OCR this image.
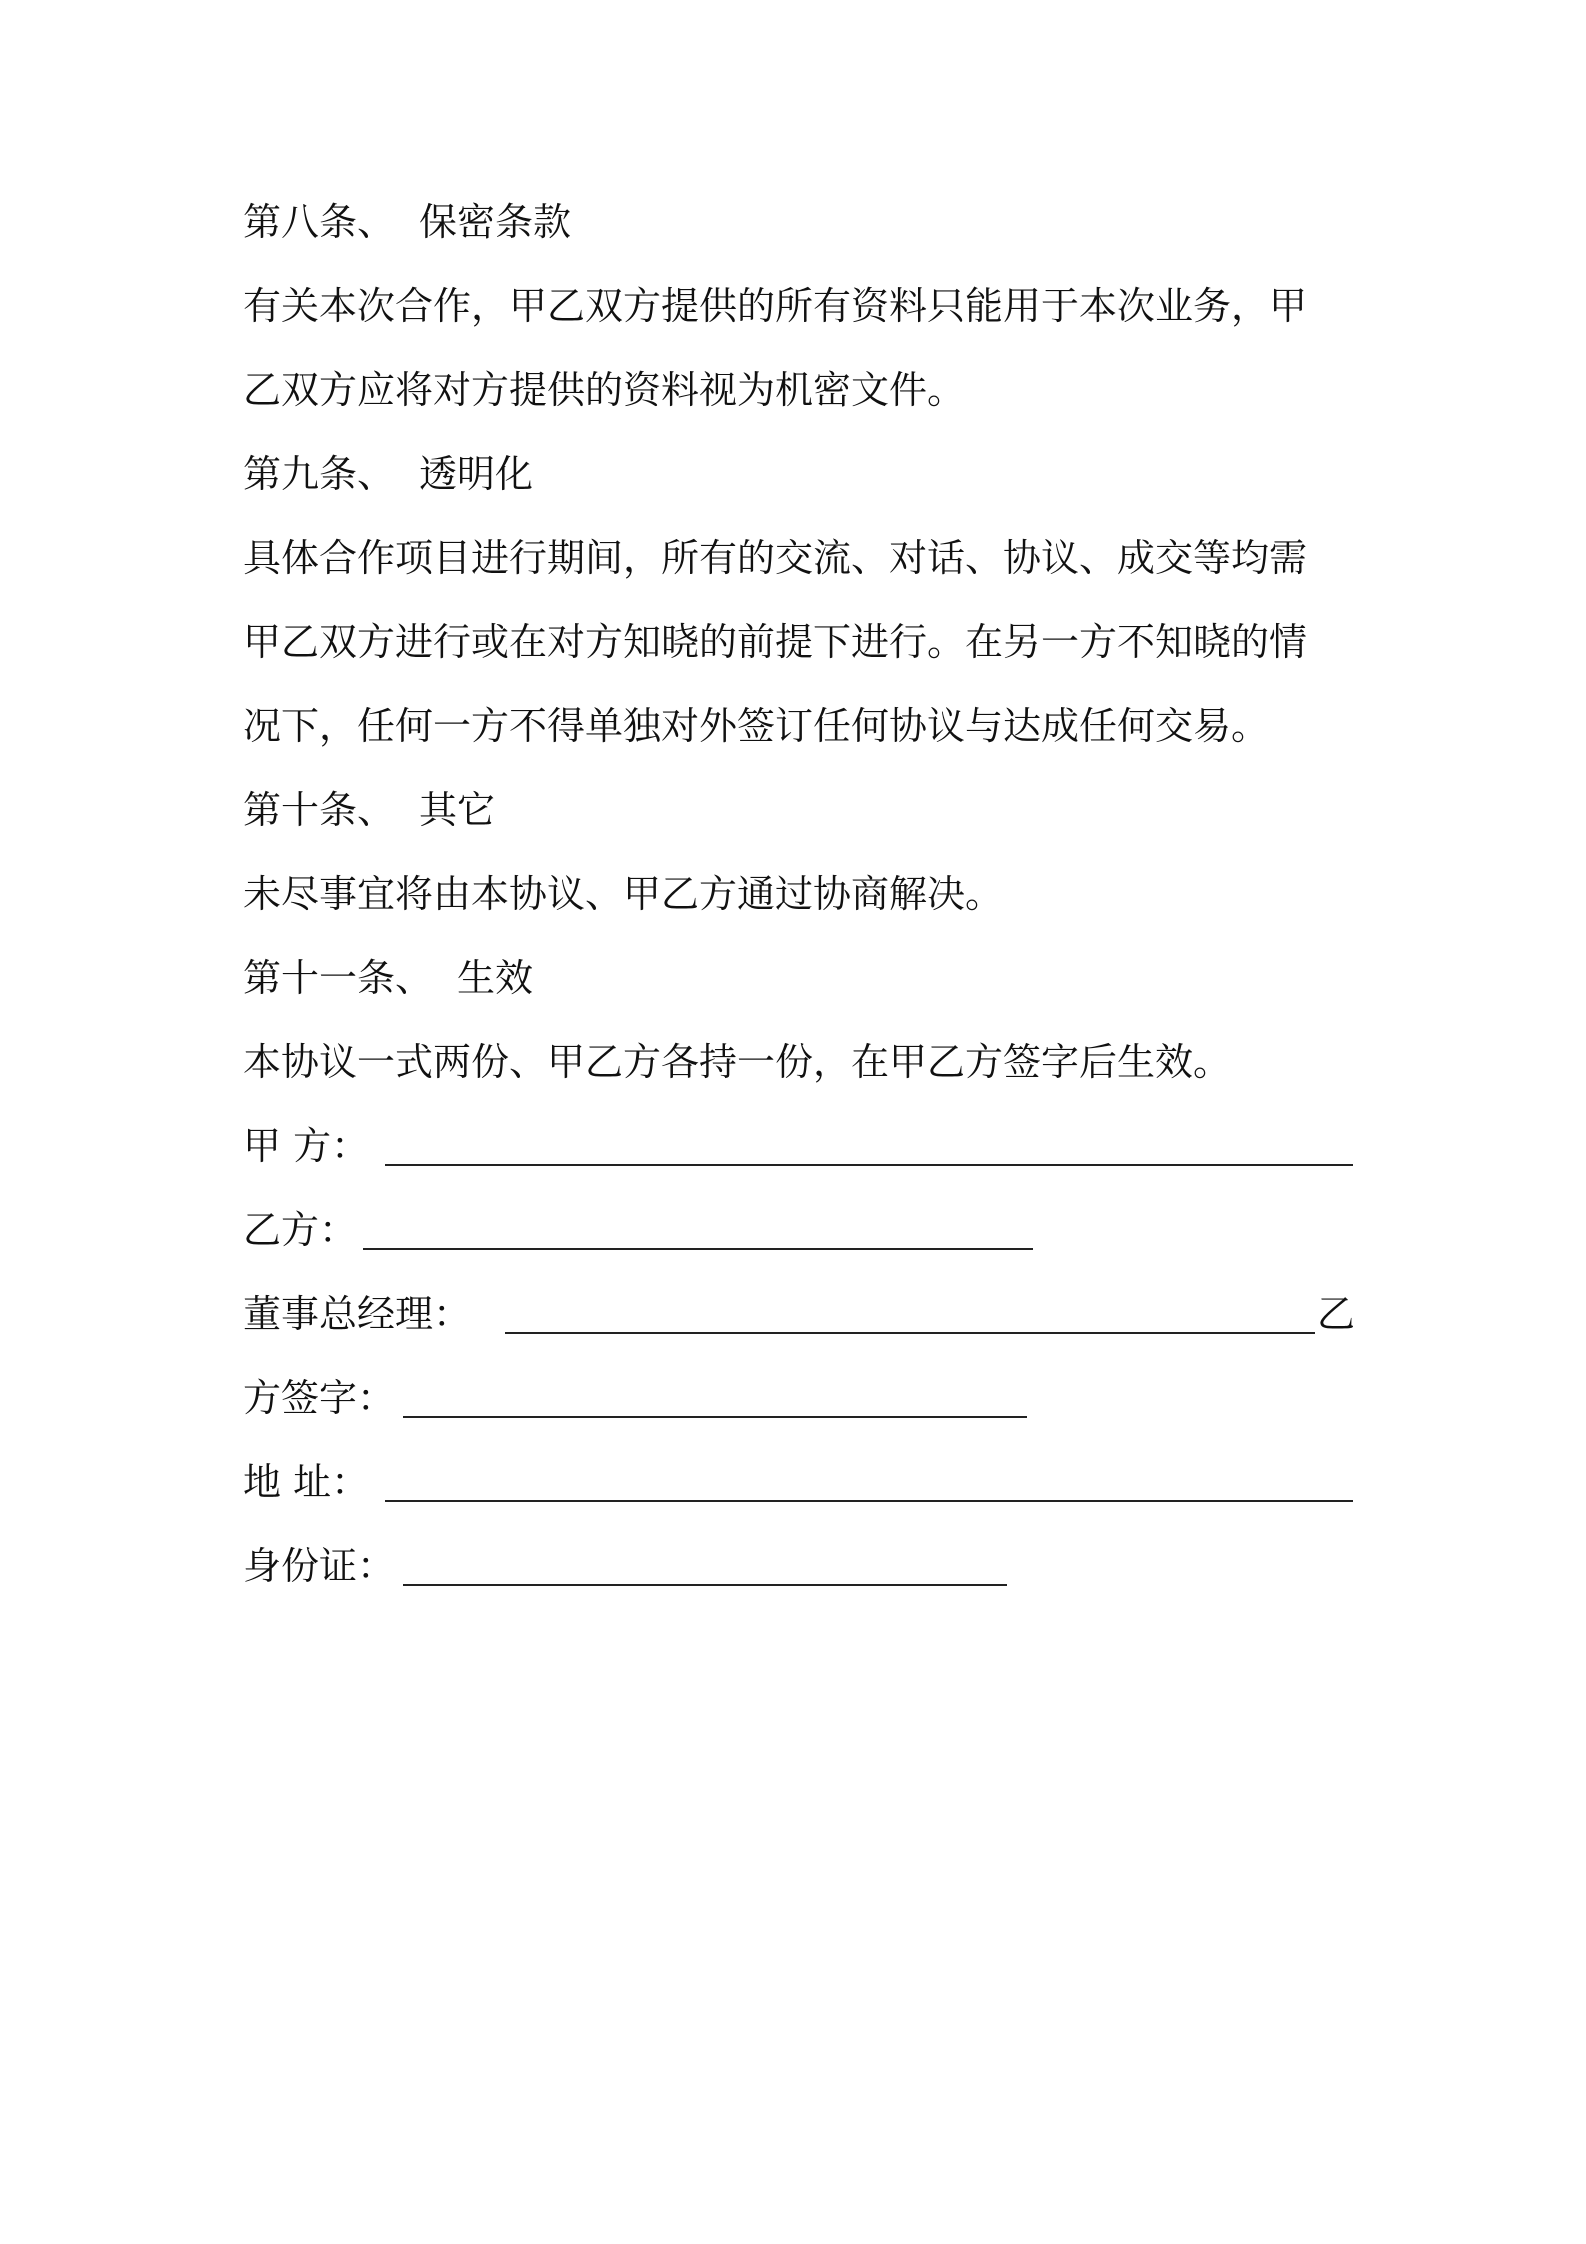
第八条、 保密条款
有关本次合作，甲乙双方提供的所有资料只能用于本次业务，甲
乙双方应将对方提供的资料视为机密文件。
第九条、 透明化
具体合作项目进行期间，所有的交流、对话、协议、成交等均需
甲乙双方进行或在对方知晓的前提下进行。在另一方不知晓的情
况下，任何一方不得单独对外签订任何协议与达成任何交易。
第十条、 其它
未尽事宜将由本协议、甲乙方通过协商解决。
第十一条、 生效
本协议一式两份、甲乙方各持一份，在甲乙方签字后生效。
甲 方：
乙方：
董事总经理：	乙
方签字：
地 址：
身份证：
